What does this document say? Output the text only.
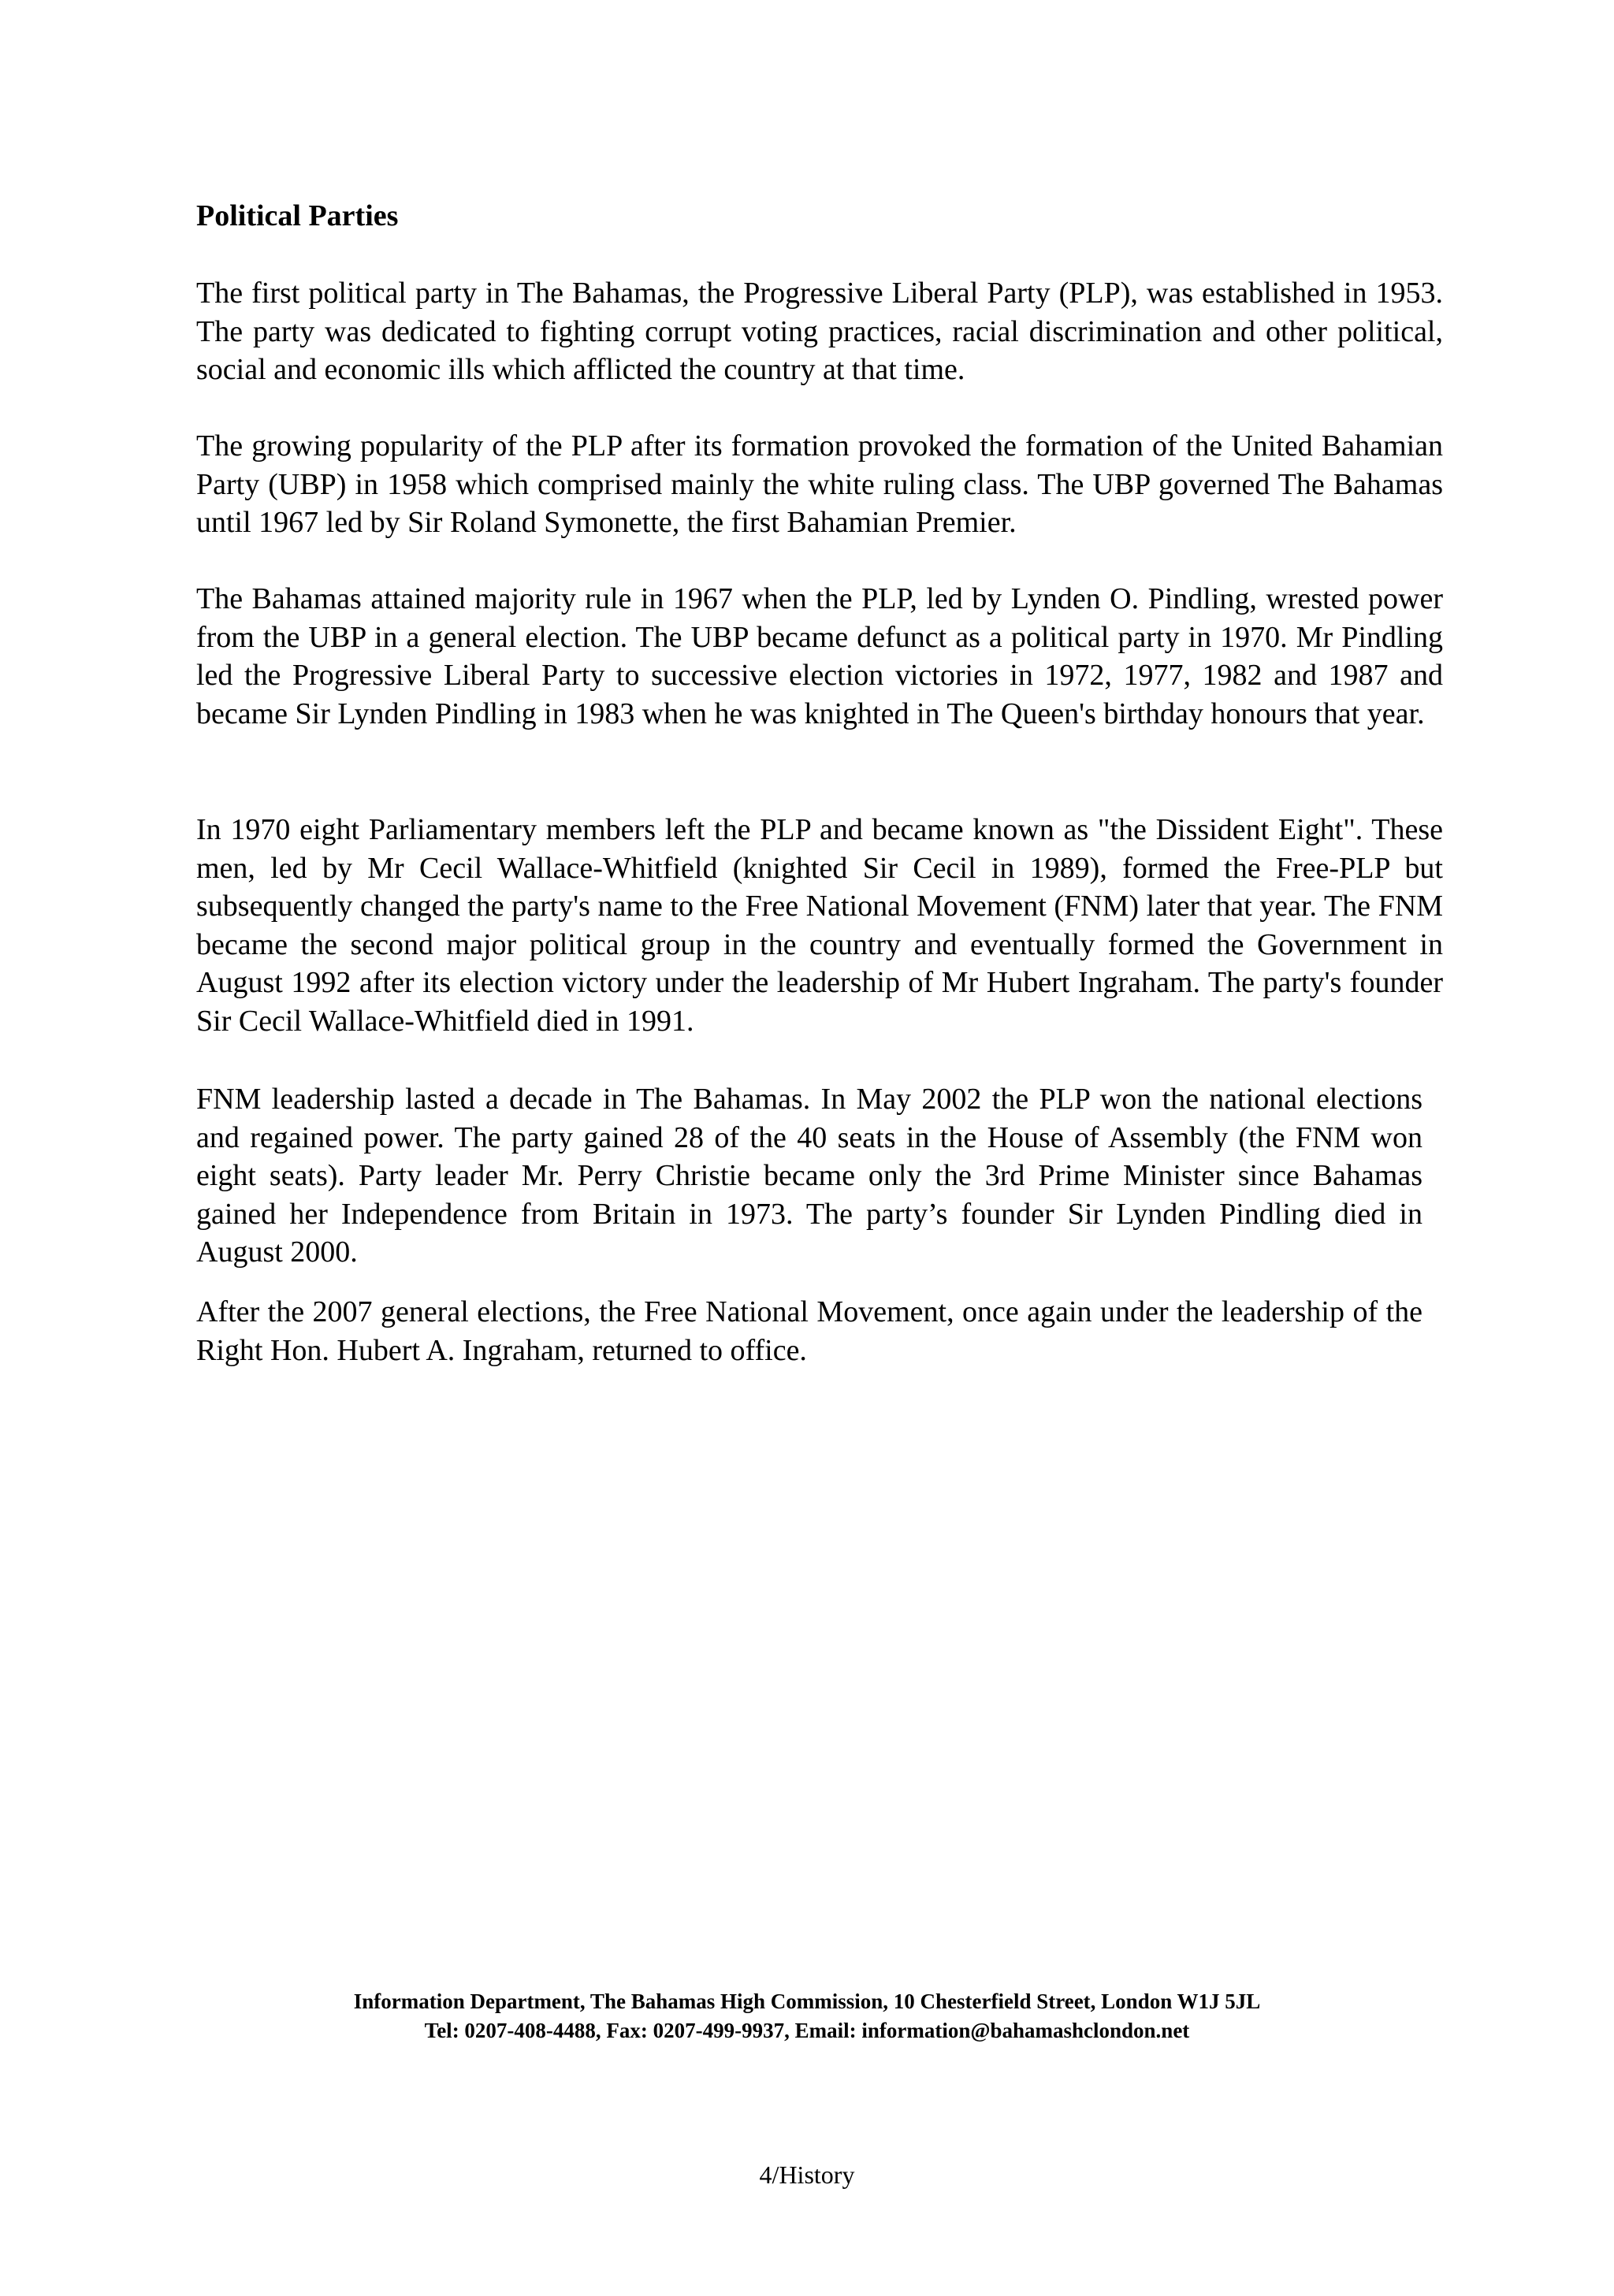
Political Parties

The first political party in The Bahamas, the Progressive Liberal Party (PLP), was established in 1953. The party was dedicated to fighting corrupt voting practices, racial discrimination and other political, social and economic ills which afflicted the country at that time.

The growing popularity of the PLP after its formation provoked the formation of the United Bahamian Party (UBP) in 1958 which comprised mainly the white ruling class. The UBP governed The Bahamas until 1967 led by Sir Roland Symonette, the first Bahamian Premier.

The Bahamas attained majority rule in 1967 when the PLP, led by Lynden O. Pindling, wrested power from the UBP in a general election. The UBP became defunct as a political party in 1970. Mr Pindling led the Progressive Liberal Party to successive election victories in 1972, 1977, 1982 and 1987 and became Sir Lynden Pindling in 1983 when he was knighted in The Queen's birthday honours that year.

In 1970 eight Parliamentary members left the PLP and became known as "the Dissident Eight". These men, led by Mr Cecil Wallace-Whitfield (knighted Sir Cecil in 1989), formed the Free-PLP but subsequently changed the party's name to the Free National Movement (FNM) later that year. The FNM became the second major political group in the country and eventually formed the Government in August 1992 after its election victory under the leadership of Mr Hubert Ingraham. The party's founder Sir Cecil Wallace-Whitfield died in 1991.

FNM leadership lasted a decade in The Bahamas. In May 2002 the PLP won the national elections and regained power. The party gained 28 of the 40 seats in the House of Assembly (the FNM won eight seats). Party leader Mr. Perry Christie became only the 3rd Prime Minister since Bahamas gained her Independence from Britain in 1973. The party’s founder Sir Lynden Pindling died in August 2000.

After the 2007 general elections, the Free National Movement, once again under the leadership of the Right Hon. Hubert A. Ingraham, returned to office.

Information Department, The Bahamas High Commission, 10 Chesterfield Street, London W1J 5JL

Tel: 0207-408-4488, Fax: 0207-499-9937, Email: information@bahamashclondon.net

4/History
